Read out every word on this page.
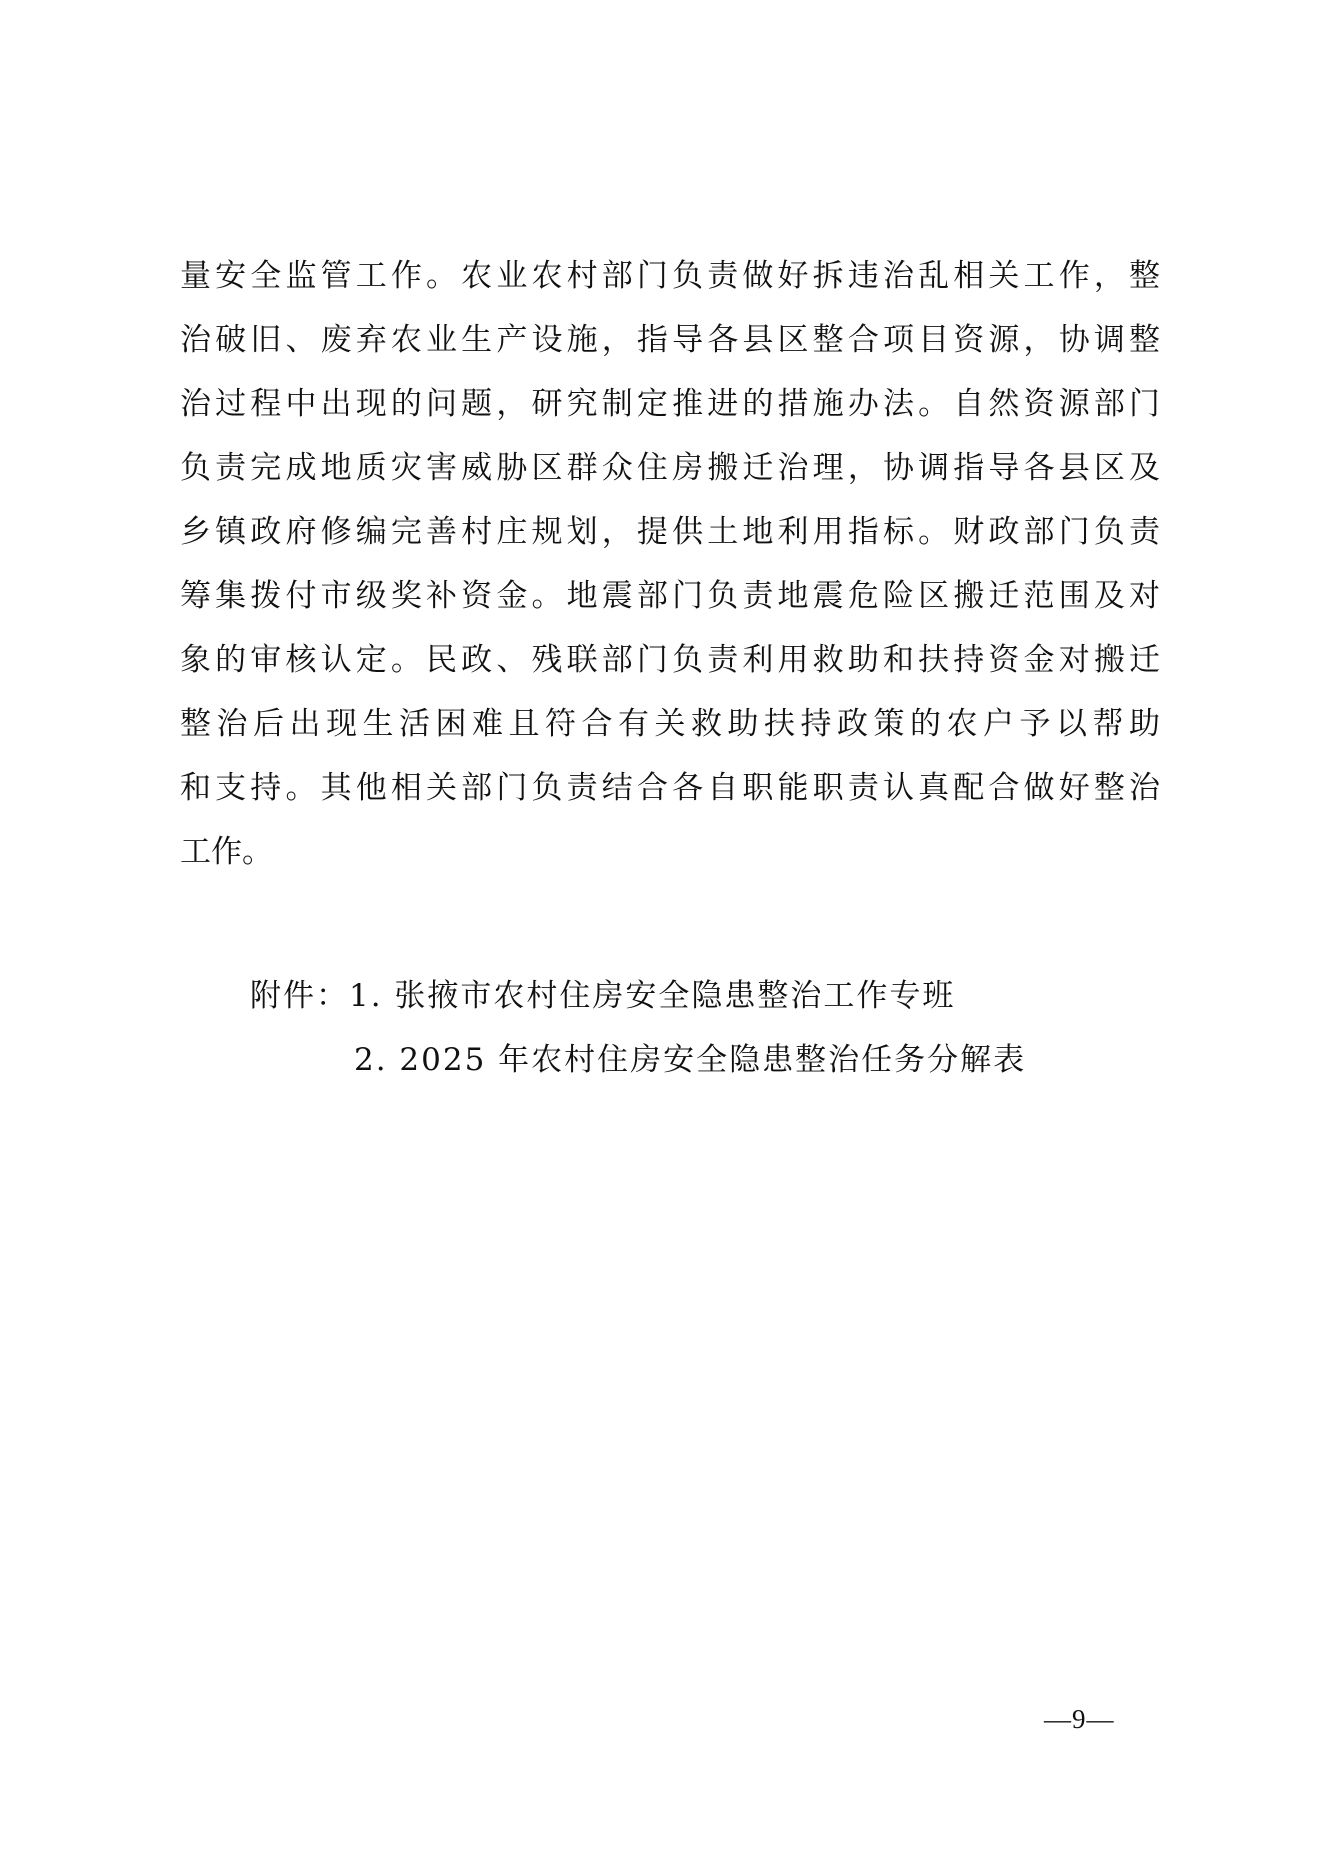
量安全监管工作。农业农村部门负责做好拆违治乱相关工作，整
治破旧、废弃农业生产设施，指导各县区整合项目资源，协调整
治过程中出现的问题，研究制定推进的措施办法。自然资源部门
负责完成地质灾害威胁区群众住房搬迁治理，协调指导各县区及
乡镇政府修编完善村庄规划，提供土地利用指标。财政部门负责
筹集拨付市级奖补资金。地震部门负责地震危险区搬迁范围及对
象的审核认定。民政、残联部门负责利用救助和扶持资金对搬迁
整治后出现生活困难且符合有关救助扶持政策的农户予以帮助
和支持。其他相关部门负责结合各自职能职责认真配合做好整治
工作。
附件：1. 张掖市农村住房安全隐患整治工作专班
2. 2025 年农村住房安全隐患整治任务分解表
—9—
